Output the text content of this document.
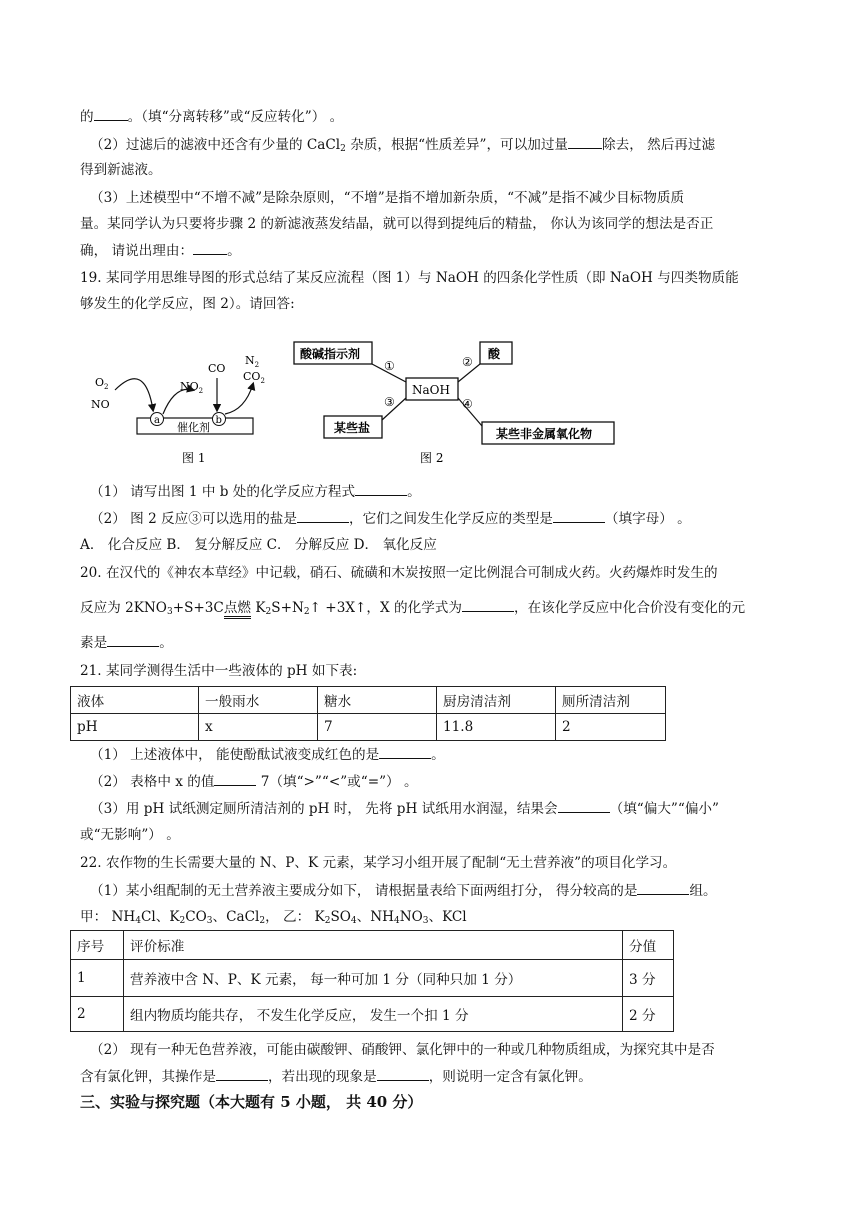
的	。（填“分离转移”或“反应转化”） 。
（2）过滤后的滤液中还含有少量的 CaCl$_2$ 杂质，根据“性质差异”，可以加过量	除去， 然后再过滤
得到新滤液。
（3）上述模型中“不增不减”是除杂原则，“不增”是指不增加新杂质，“不减”是指不减少目标物质质
量。某同学认为只要将步骤 2 的新滤液蒸发结晶，就可以得到提纯后的精盐， 你认为该同学的想法是否正
确， 请说出理由：	。
19. 某同学用思维导图的形式总结了某反应流程（图 1）与 NaOH 的四条化学性质（即 NaOH 与四类物质能
够发生的化学反应，图 2）。请回答:
$O_2$
NO
$NO_2$
CO
$N_2$
$CO_2$
a	b
催化剂
图 1
酸碱指示剂	酸
NaOH
某些盐	某些非金属氧化物
①	②
③	④
图 2
（1） 请写出图 1 中 b 处的化学反应方程式	。
（2） 图 2 反应③可以选用的盐是	，它们之间发生化学反应的类型是	（填字母） 。
A． 化合反应 B． 复分解反应 C． 分解反应 D． 氧化反应
20. 在汉代的《神农本草经》中记载，硝石、硫磺和木炭按照一定比例混合可制成火药。火药爆炸时发生的
反应为 $2KNO_3+S+3C$点燃 $K_2S+N_2↑$ +3X↑，X 的化学式为	，在该化学反应中化合价没有变化的元
素是	。
21. 某同学测得生活中一些液体的 pH 如下表:
液体	一般雨水	糖水	厨房清洁剂	厕所清洁剂
pH	x	7	11.8	2
（1） 上述液体中， 能使酚酞试液变成红色的是	。
（2） 表格中 x 的值	7（填“>”“<”或“=”） 。
（3）用 pH 试纸测定厕所清洁剂的 pH 时， 先将 pH 试纸用水润湿，结果会	（填“偏大”“偏小”
或“无影响”） 。
22. 农作物的生长需要大量的 N、P、K 元素，某学习小组开展了配制“无土营养液”的项目化学习。
（1）某小组配制的无土营养液主要成分如下， 请根据量表给下面两组打分， 得分较高的是	组。
甲： $NH_4Cl$、$K_2CO_3$、CaCl$_2$， 乙： $K_2SO_4$、$NH_4NO_3$、KCl
序号	评价标准	分值
1	营养液中含 N、P、K 元素， 每一种可加 1 分（同种只加 1 分）	3 分
2	组内物质均能共存， 不发生化学反应， 发生一个扣 1 分	2 分
（2） 现有一种无色营养液，可能由碳酸钾、硝酸钾、氯化钾中的一种或几种物质组成，为探究其中是否
含有氯化钾，其操作是	，若出现的现象是	，则说明一定含有氯化钾。
三、实验与探究题（本大题有 5 小题， 共 40 分）
